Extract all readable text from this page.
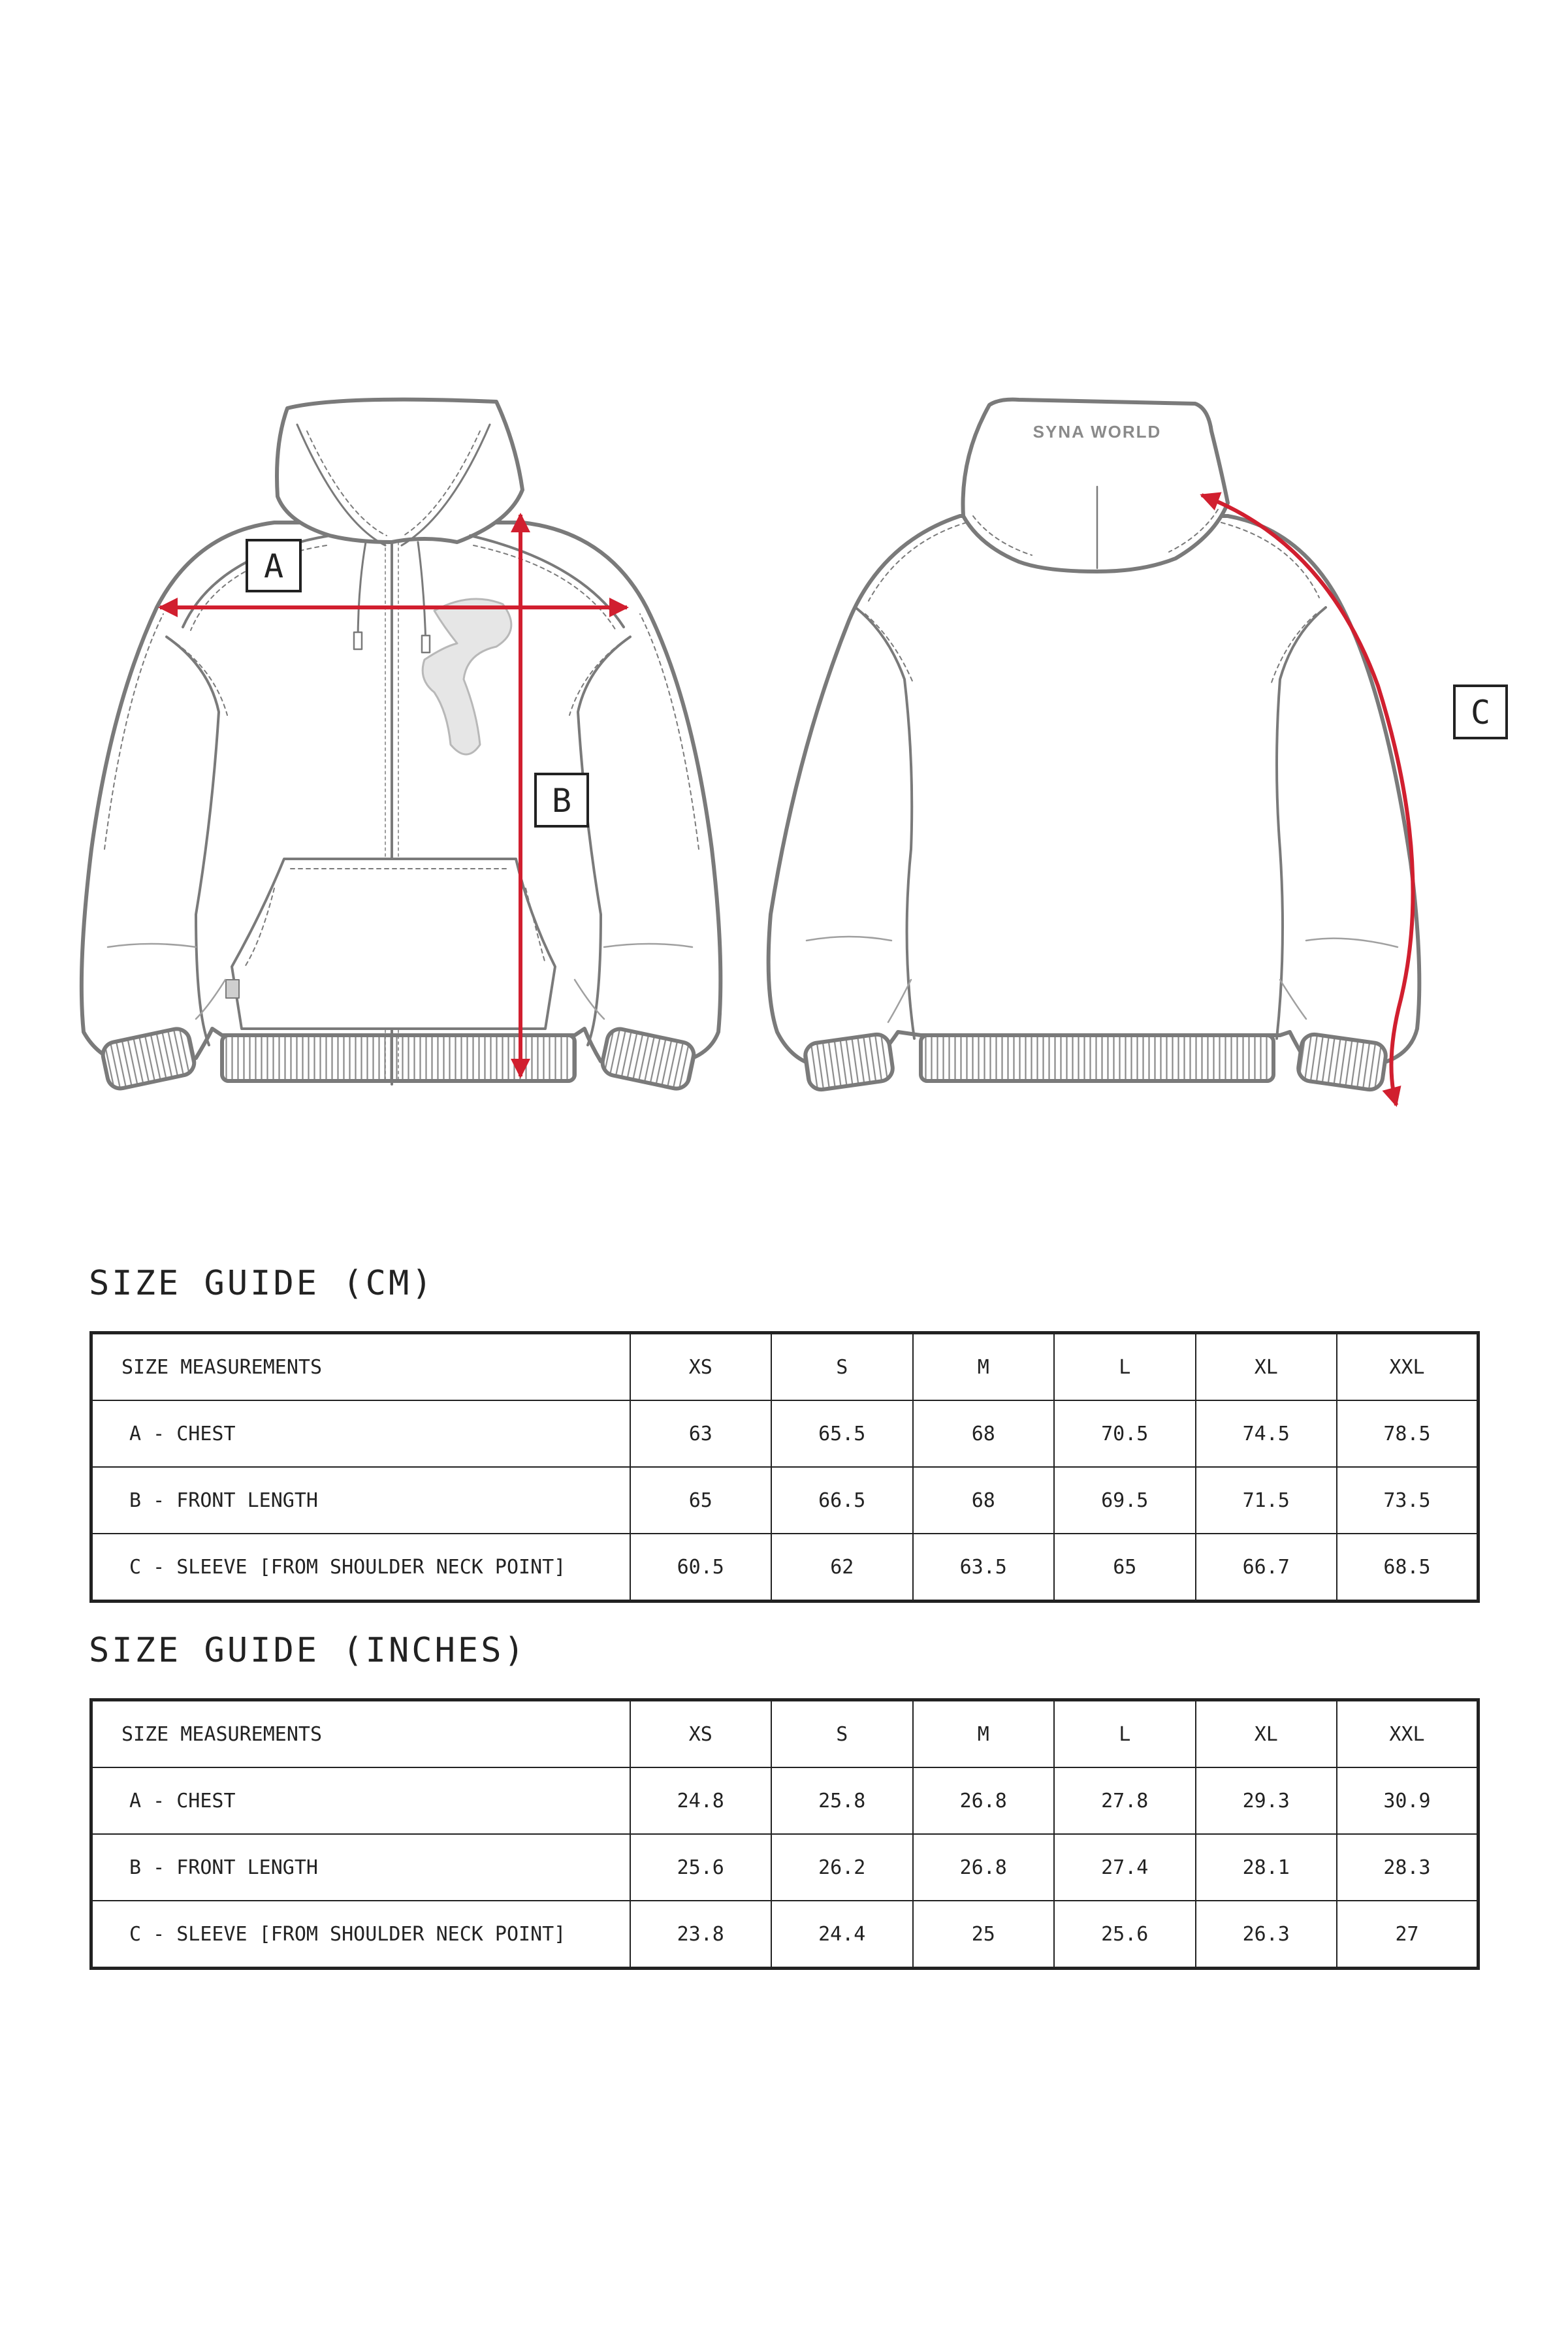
SYNA WORLD
A
B
C
SIZE GUIDE (CM)
SIZE MEASUREMENTS	XS	S	M	L	XL	XXL
A - CHEST	63	65.5	68	70.5	74.5	78.5
B - FRONT LENGTH	65	66.5	68	69.5	71.5	73.5
C - SLEEVE [FROM SHOULDER NECK POINT]	60.5	62	63.5	65	66.7	68.5
SIZE GUIDE (INCHES)
SIZE MEASUREMENTS	XS	S	M	L	XL	XXL
A - CHEST	24.8	25.8	26.8	27.8	29.3	30.9
B - FRONT LENGTH	25.6	26.2	26.8	27.4	28.1	28.3
C - SLEEVE [FROM SHOULDER NECK POINT]	23.8	24.4	25	25.6	26.3	27
